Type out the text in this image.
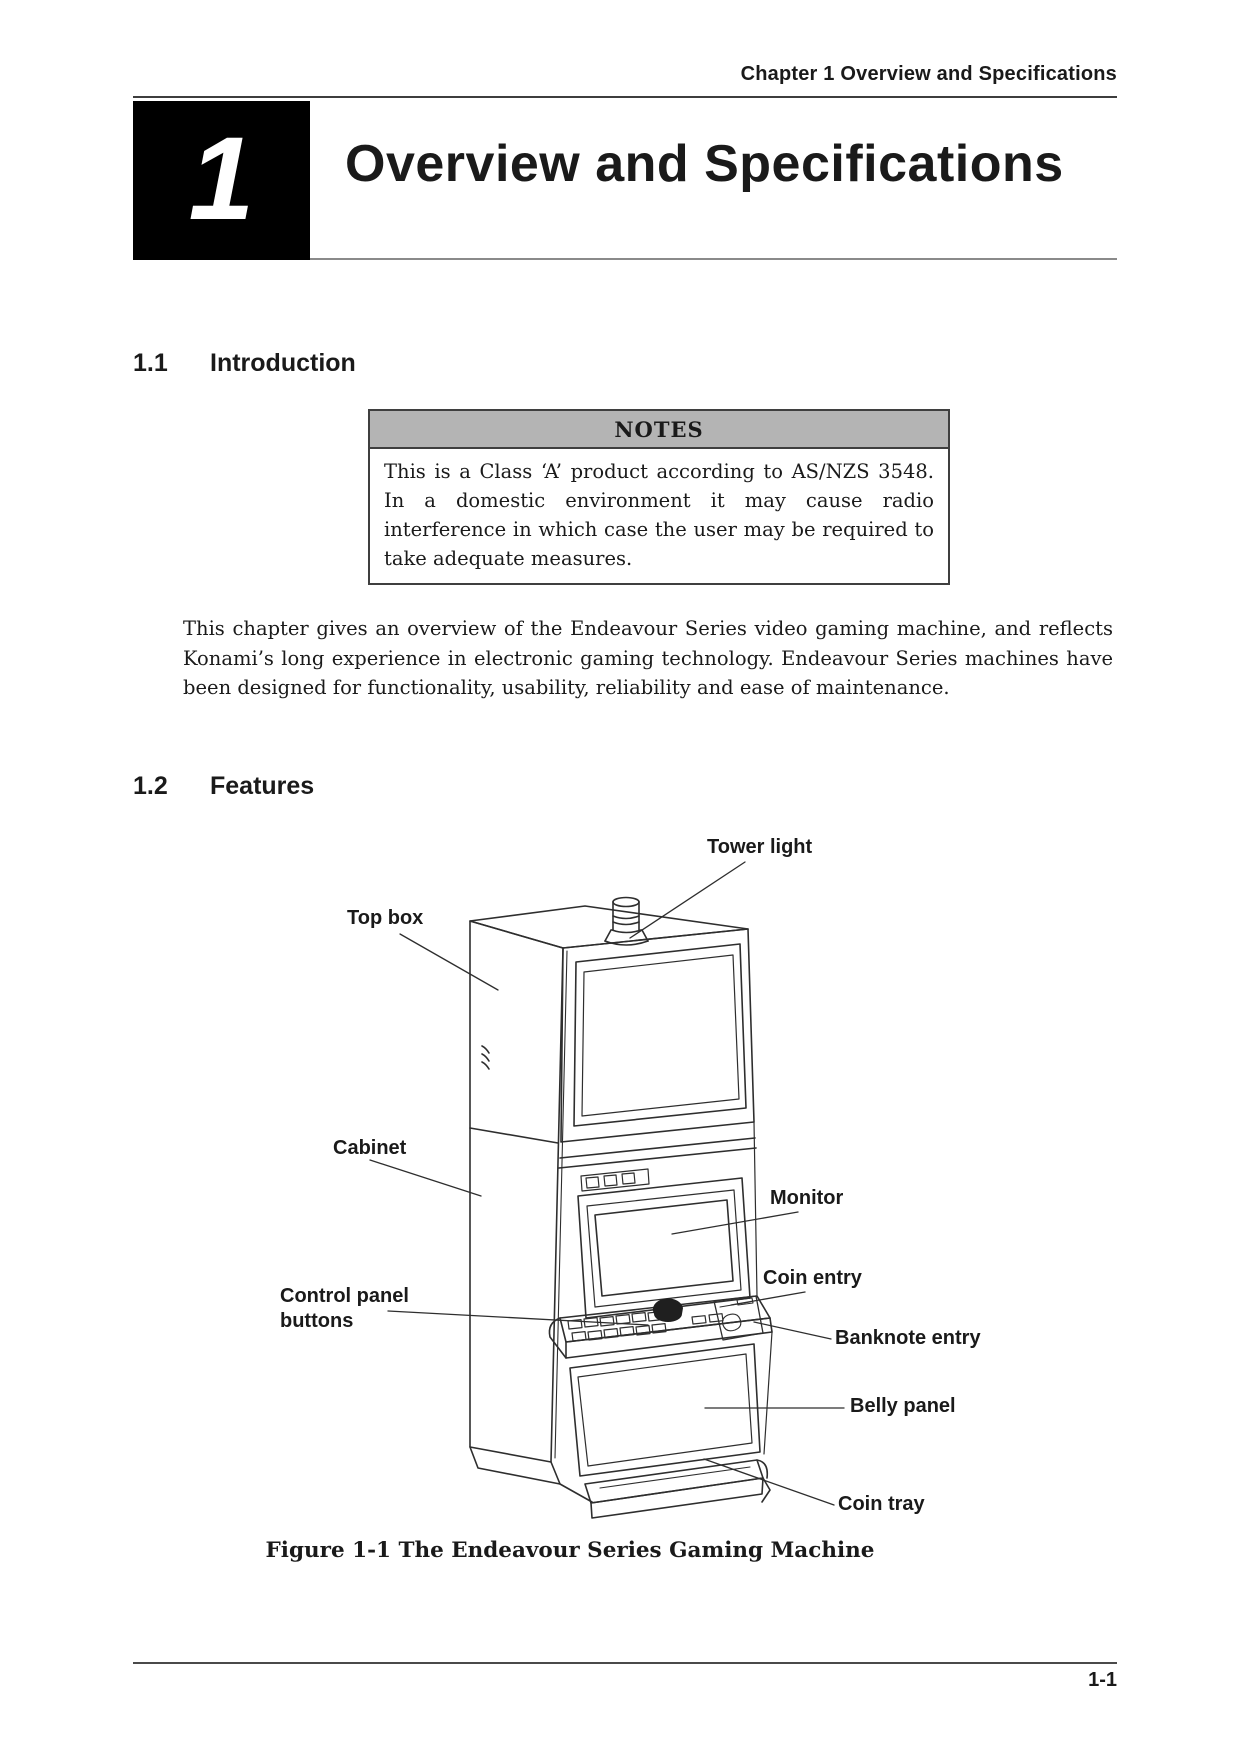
Chapter 1 Overview and Specifications
1 Overview and Specifications
1.1	Introduction
NOTES
This is a Class ‘A’ product according to AS/NZS 3548. In a domestic environment it may cause radio interference in which case the user may be required to take adequate measures.
This chapter gives an overview of the Endeavour Series video gaming machine, and reflects Konami’s long experience in electronic gaming technology. Endeavour Series machines have been designed for functionality, usability, reliability and ease of maintenance.
1.2	Features
Tower light
Top box
Cabinet
Monitor
Coin entry
Control panel
buttons
Banknote entry
Belly panel
Coin tray
Figure 1-1 The Endeavour Series Gaming Machine
1-1
